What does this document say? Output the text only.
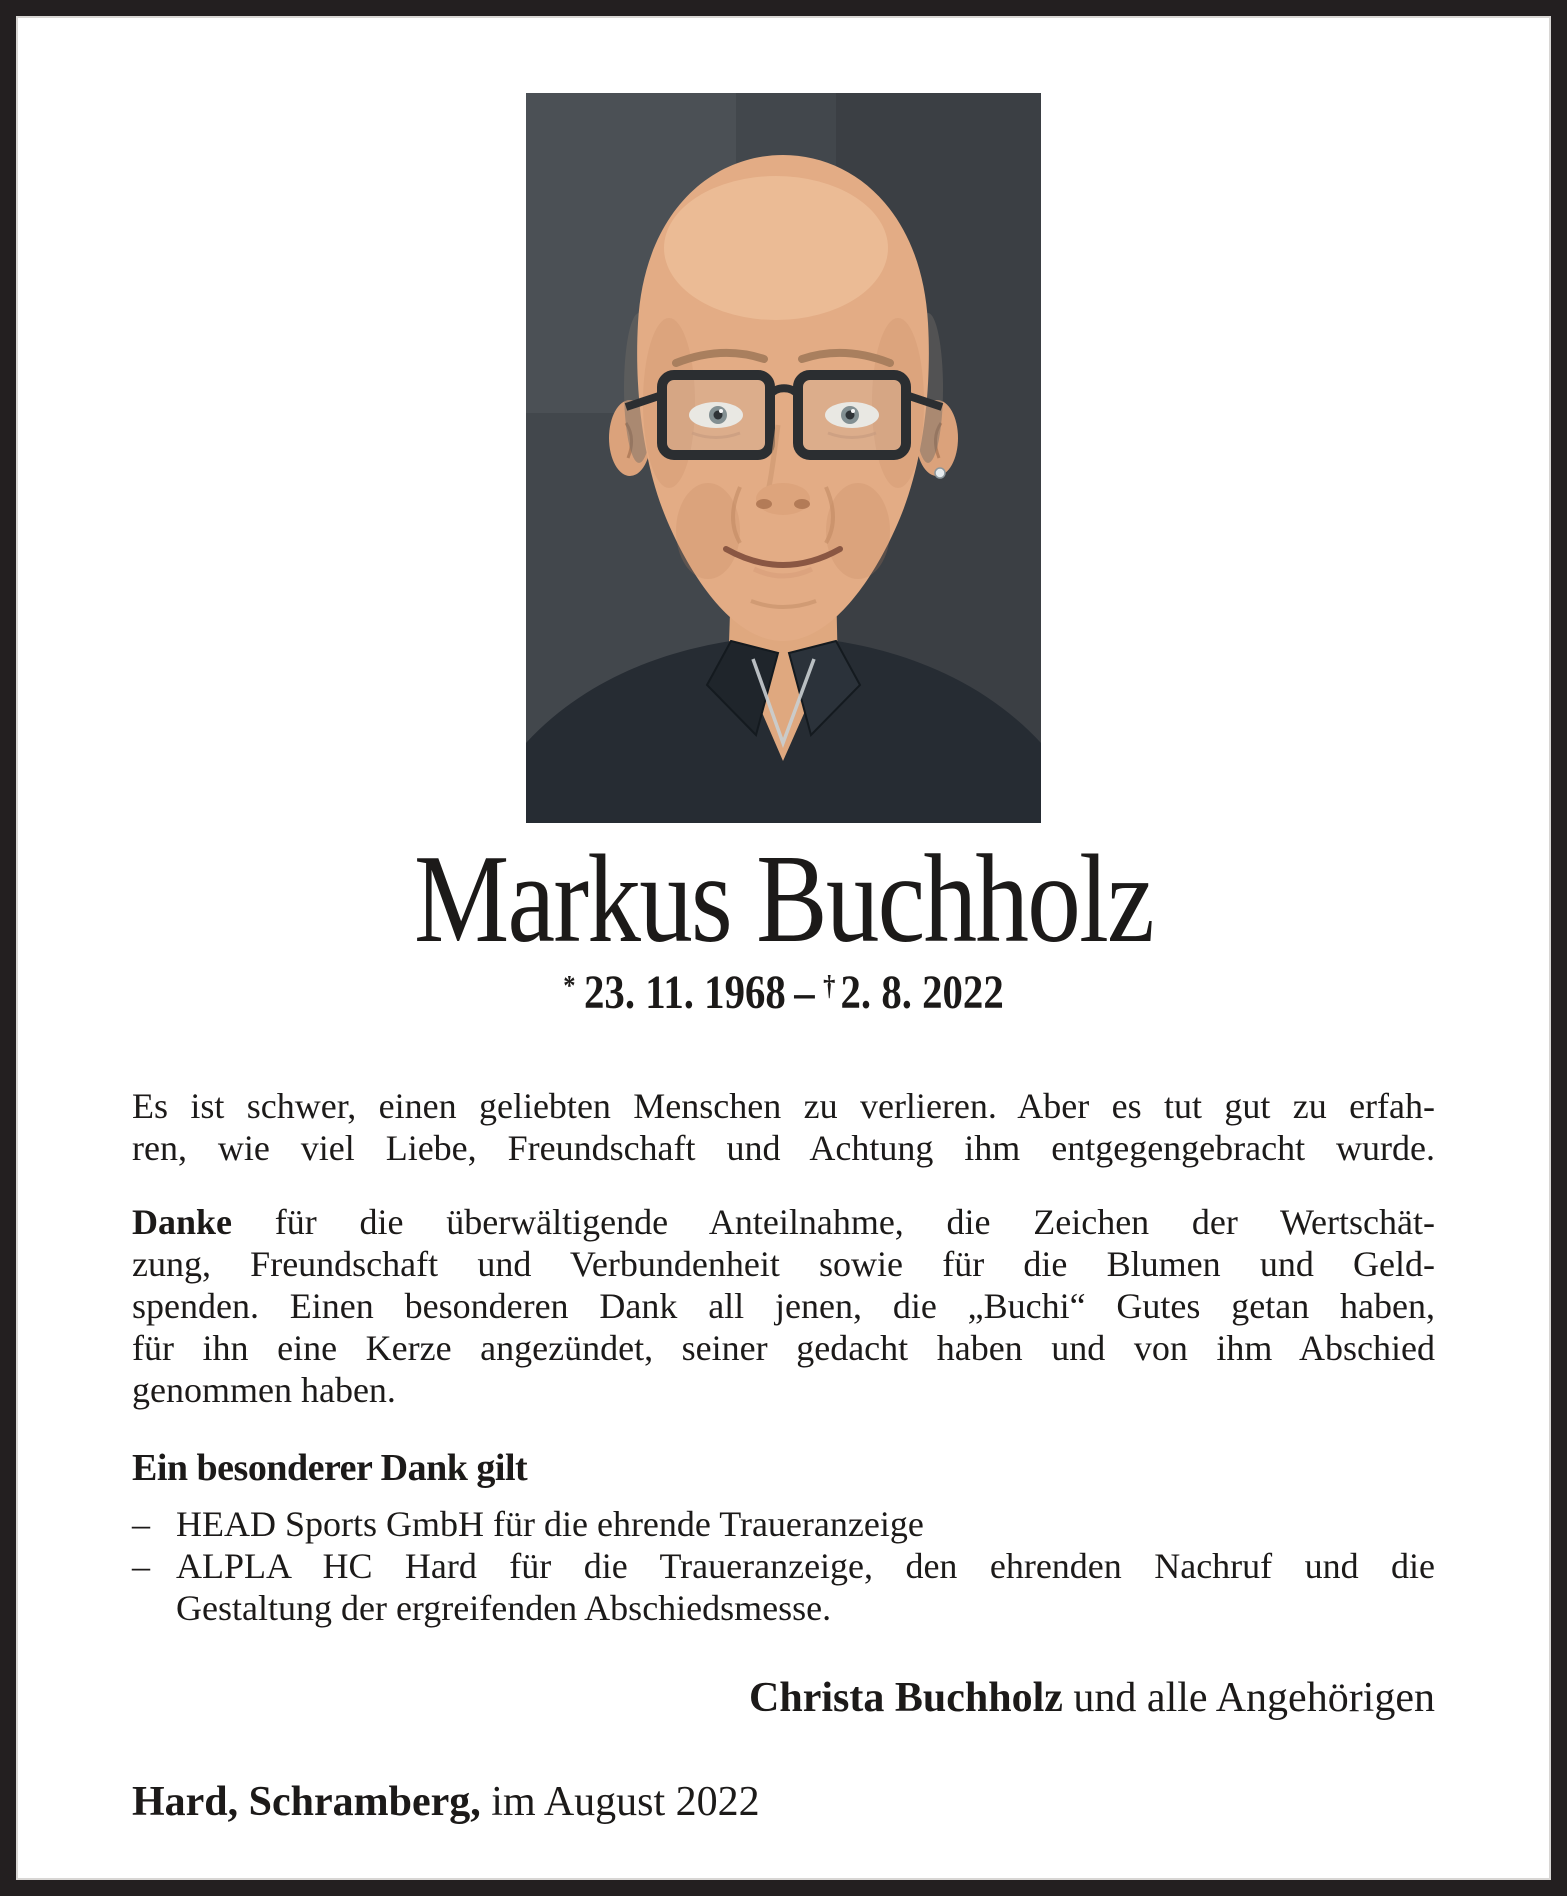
Markus Buchholz
* 23. 11. 1968 – † 2. 8. 2022

Es ist schwer, einen geliebten Menschen zu verlieren. Aber es tut gut zu erfah-
ren, wie viel Liebe, Freundschaft und Achtung ihm entgegengebracht wurde.

Danke für die überwältigende Anteilnahme, die Zeichen der Wertschät-
zung, Freundschaft und Verbundenheit sowie für die Blumen und Geld-
spenden. Einen besonderen Dank all jenen, die „Buchi“ Gutes getan haben,
für ihn eine Kerze angezündet, seiner gedacht haben und von ihm Abschied
genommen haben.

Ein besonderer Dank gilt
– HEAD Sports GmbH für die ehrende Traueranzeige
– ALPLA HC Hard für die Traueranzeige, den ehrenden Nachruf und die
Gestaltung der ergreifenden Abschiedsmesse.
Christa Buchholz und alle Angehörigen
Hard, Schramberg, im August 2022
